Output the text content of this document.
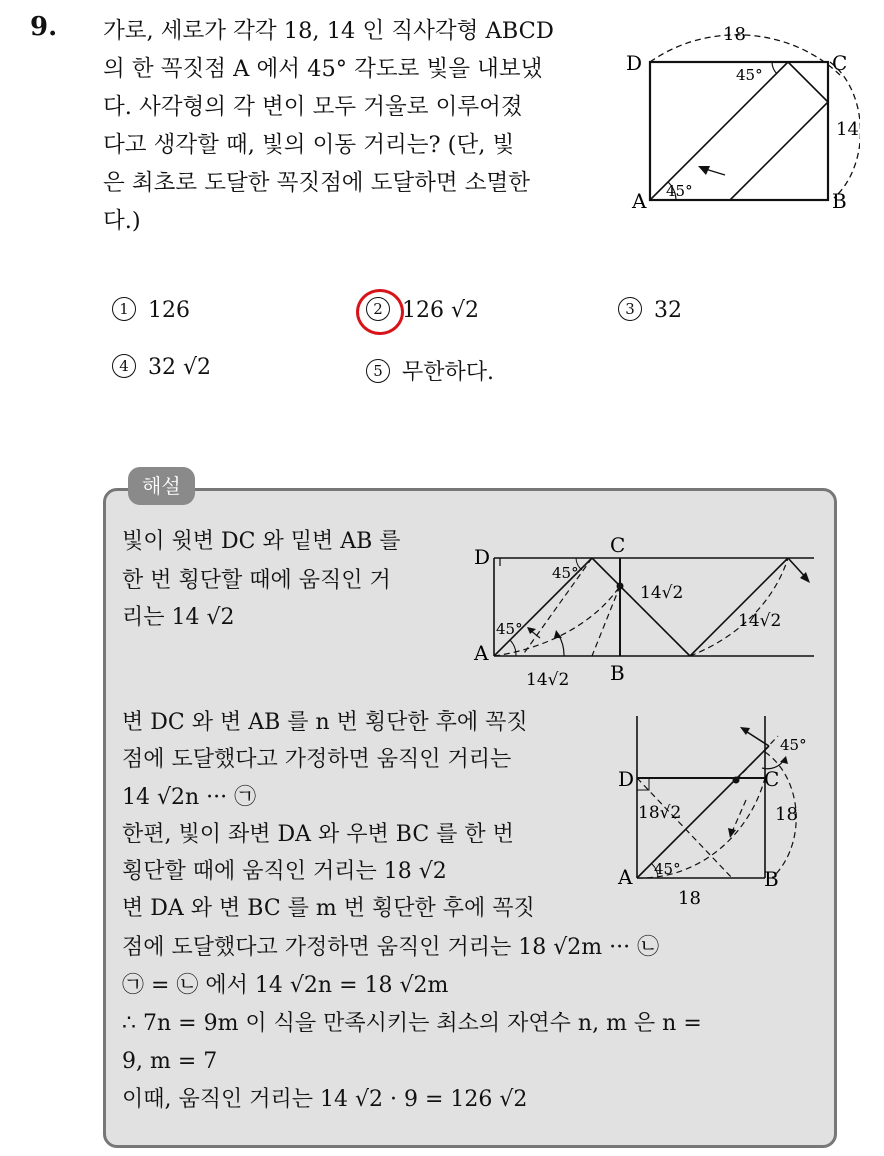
9. 가로, 세로가 각각 18, 14 인 직사각형 ABCD
의 한 꼭짓점 A 에서 45° 각도로 빛을 내보냈
다. 사각형의 각 변이 모두 거울로 이루어졌
다고 생각할 때, 빛의 이동 거리는? (단, 빛
은 최초로 도달한 꼭짓점에 도달하면 소멸한
다.)
A	B
C
D
18
14
45°
45°
1 126	2 126 √2	3 32
4 32 √2	5 무한하다.
해설
빛이 윗변 DC 와 밑변 AB 를
한 번 횡단할 때에 움직인 거
리는 14 √2
변 DC 와 변 AB 를 n 번 횡단한 후에 꼭짓
점에 도달했다고 가정하면 움직인 거리는
14 √2n ··· ㉠
한편, 빛이 좌변 DA 와 우변 BC 를 한 번
횡단할 때에 움직인 거리는 18 √2
변 DA 와 변 BC 를 m 번 횡단한 후에 꼭짓
점에 도달했다고 가정하면 움직인 거리는 18 √2m ··· ㉡
㉠ = ㉡ 에서 14 √2n = 18 √2m
∴ 7n = 9m 이 식을 만족시키는 최소의 자연수 n, m 은 n =
9, m = 7
이때, 움직인 거리는 14 √2 · 9 = 126 √2
A
B
C
D
45°
45°
14√2
14√2
14√2
A	B
C
D
45°
45°
18√2	18
18
